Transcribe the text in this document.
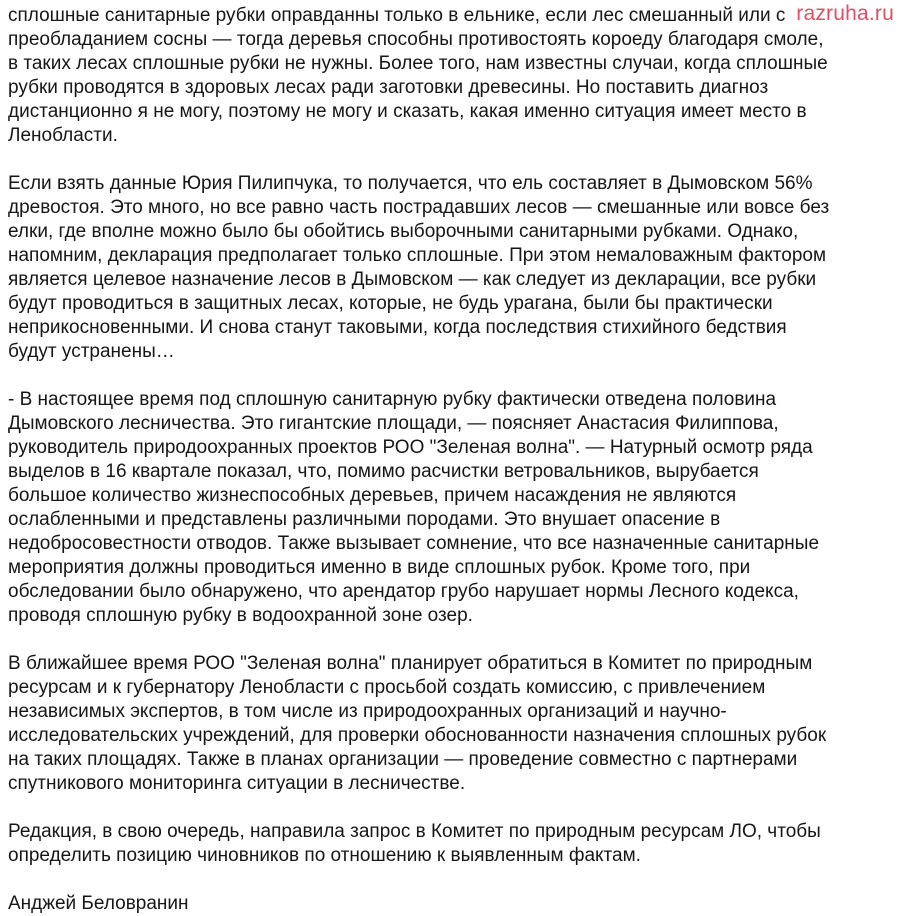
сплошные санитарные рубки оправданны только в ельнике, если лес смешанный или с
преобладанием сосны — тогда деревья способны противостоять короеду благодаря смоле,
в таких лесах сплошные рубки не нужны. Более того, нам известны случаи, когда сплошные
рубки проводятся в здоровых лесах ради заготовки древесины. Но поставить диагноз
дистанционно я не могу, поэтому не могу и сказать, какая именно ситуация имеет место в
Ленобласти.

Если взять данные Юрия Пилипчука, то получается, что ель составляет в Дымовском 56%
древостоя. Это много, но все равно часть пострадавших лесов — смешанные или вовсе без
елки, где вполне можно было бы обойтись выборочными санитарными рубками. Однако,
напомним, декларация предполагает только сплошные. При этом немаловажным фактором
является целевое назначение лесов в Дымовском — как следует из декларации, все рубки
будут проводиться в защитных лесах, которые, не будь урагана, были бы практически
неприкосновенными. И снова станут таковыми, когда последствия стихийного бедствия
будут устранены…

- В настоящее время под сплошную санитарную рубку фактически отведена половина
Дымовского лесничества. Это гигантские площади, — поясняет Анастасия Филиппова,
руководитель природоохранных проектов РОО "Зеленая волна". — Натурный осмотр ряда
выделов в 16 квартале показал, что, помимо расчистки ветровальников, вырубается
большое количество жизнеспособных деревьев, причем насаждения не являются
ослабленными и представлены различными породами. Это внушает опасение в
недобросовестности отводов. Также вызывает сомнение, что все назначенные санитарные
мероприятия должны проводиться именно в виде сплошных рубок. Кроме того, при
обследовании было обнаружено, что арендатор грубо нарушает нормы Лесного кодекса,
проводя сплошную рубку в водоохранной зоне озер.

В ближайшее время РОО "Зеленая волна" планирует обратиться в Комитет по природным
ресурсам и к губернатору Ленобласти с просьбой создать комиссию, с привлечением
независимых экспертов, в том числе из природоохранных организаций и научно-
исследовательских учреждений, для проверки обоснованности назначения сплошных рубок
на таких площадях. Также в планах организации — проведение совместно с партнерами
спутникового мониторинга ситуации в лесничестве.

Редакция, в свою очередь, направила запрос в Комитет по природным ресурсам ЛО, чтобы
определить позицию чиновников по отношению к выявленным фактам.

Анджей Беловранин

razruha.ru
